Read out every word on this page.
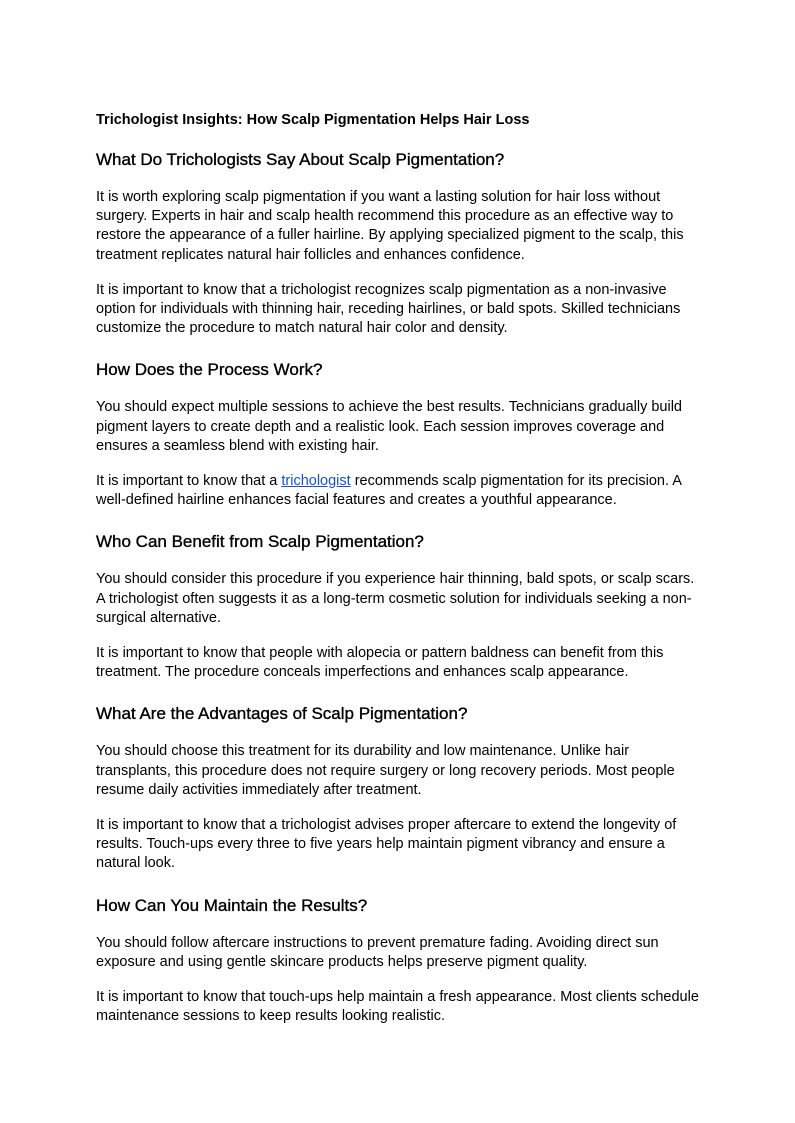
Trichologist Insights: How Scalp Pigmentation Helps Hair Loss
What Do Trichologists Say About Scalp Pigmentation?

It is worth exploring scalp pigmentation if you want a lasting solution for hair loss without surgery. Experts in hair and scalp health recommend this procedure as an effective way to restore the appearance of a fuller hairline. By applying specialized pigment to the scalp, this treatment replicates natural hair follicles and enhances confidence.

It is important to know that a trichologist recognizes scalp pigmentation as a non-invasive option for individuals with thinning hair, receding hairlines, or bald spots. Skilled technicians customize the procedure to match natural hair color and density.

How Does the Process Work?

You should expect multiple sessions to achieve the best results. Technicians gradually build pigment layers to create depth and a realistic look. Each session improves coverage and ensures a seamless blend with existing hair.

It is important to know that a trichologist recommends scalp pigmentation for its precision. A well-defined hairline enhances facial features and creates a youthful appearance.

Who Can Benefit from Scalp Pigmentation?

You should consider this procedure if you experience hair thinning, bald spots, or scalp scars. A trichologist often suggests it as a long-term cosmetic solution for individuals seeking a non-surgical alternative.

It is important to know that people with alopecia or pattern baldness can benefit from this treatment. The procedure conceals imperfections and enhances scalp appearance.

What Are the Advantages of Scalp Pigmentation?

You should choose this treatment for its durability and low maintenance. Unlike hair transplants, this procedure does not require surgery or long recovery periods. Most people resume daily activities immediately after treatment.

It is important to know that a trichologist advises proper aftercare to extend the longevity of results. Touch-ups every three to five years help maintain pigment vibrancy and ensure a natural look.

How Can You Maintain the Results?

You should follow aftercare instructions to prevent premature fading. Avoiding direct sun exposure and using gentle skincare products helps preserve pigment quality.

It is important to know that touch-ups help maintain a fresh appearance. Most clients schedule maintenance sessions to keep results looking realistic.
